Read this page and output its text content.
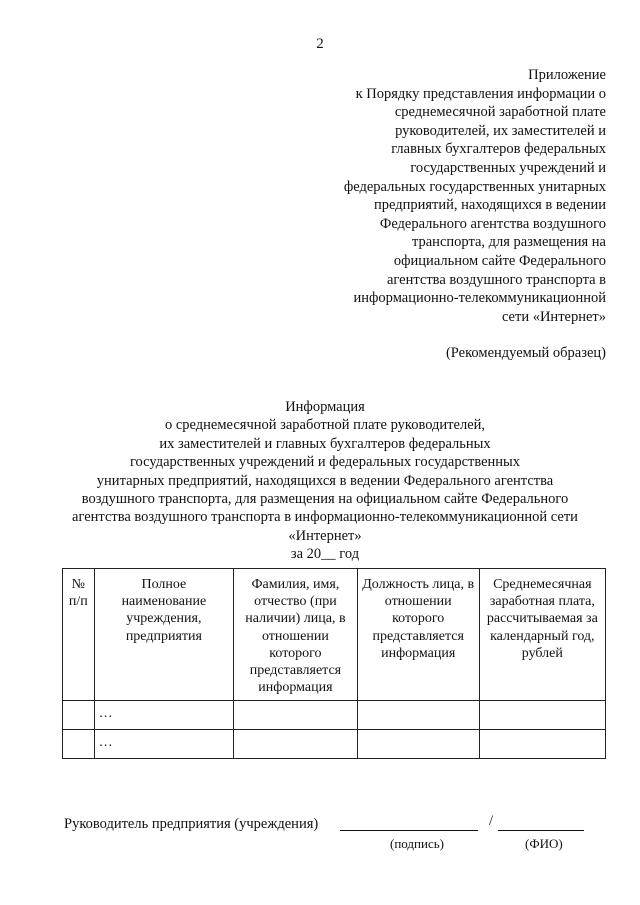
2
Приложение
к Порядку представления информации о
среднемесячной заработной плате
руководителей, их заместителей и
главных бухгалтеров федеральных
государственных учреждений и
федеральных государственных унитарных
предприятий, находящихся в ведении
Федерального агентства воздушного
транспорта, для размещения на
официальном сайте Федерального
агентства воздушного транспорта в
информационно-телекоммуникационной
сети «Интернет»
(Рекомендуемый образец)
Информация
о среднемесячной заработной плате руководителей,
их заместителей и главных бухгалтеров федеральных
государственных учреждений и федеральных государственных
унитарных предприятий, находящихся в ведении Федерального агентства
воздушного транспорта, для размещения на официальном сайте Федерального
агентства воздушного транспорта в информационно-телекоммуникационной сети
«Интернет»
за 20__ год
№ п/п	Полное наименование учреждения, предприятия	Фамилия, имя, отчество (при наличии) лица, в отношении которого представляется информация	Должность лица, в отношении которого представляется информация	Среднемесячная заработная плата, рассчитываемая за календарный год, рублей
	…			
	…			
Руководитель предприятия (учреждения)	/
(подпись)	(ФИО)
